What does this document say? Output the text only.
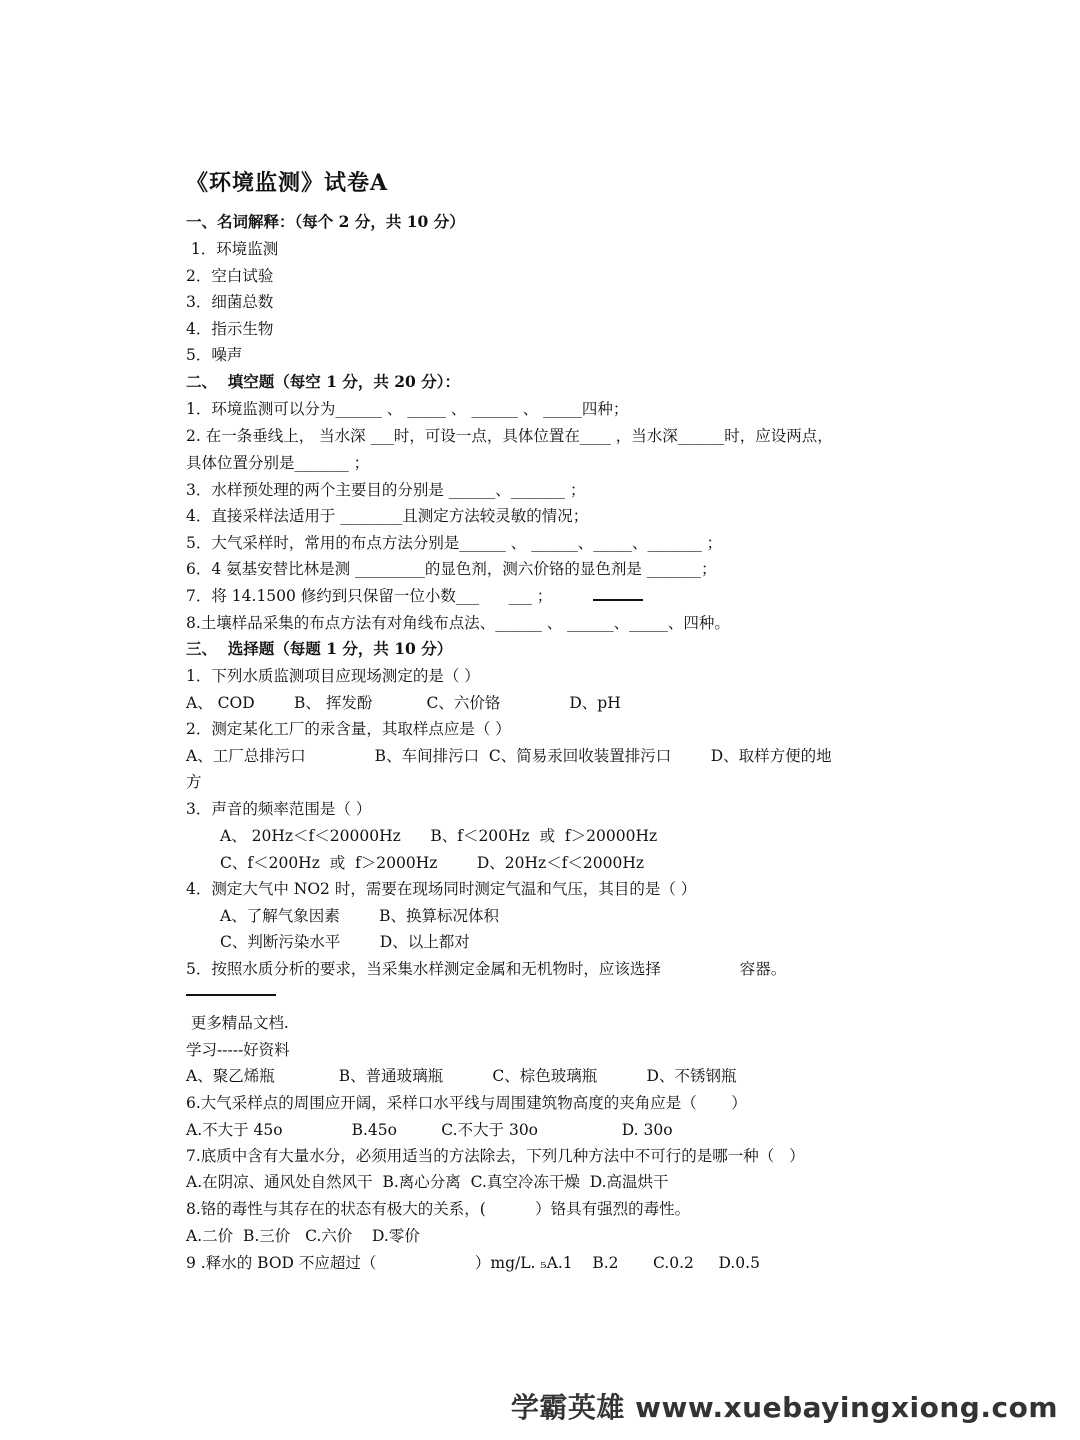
《环境监测》试卷A
一、名词解释：（每个 2 分，共 10 分）
1．环境监测
2．空白试验
3．细菌总数
4．指示生物
5．噪声
二、  填空题（每空 1 分，共 20 分）：
1．环境监测可以分为______ 、 _____ 、 ______ 、 _____四种；
2. 在一条垂线上， 当水深 ___时，可设一点，具体位置在____ ，当水深______时，应设两点，
具体位置分别是_______ ；
3．水样预处理的两个主要目的分别是 ______、_______ ；
4．直接采样法适用于 ________且测定方法较灵敏的情况；
5．大气采样时，常用的布点方法分别是______ 、 ______、_____、_______ ；
6．4 氨基安替比林是测 _________的显色剂，测六价铬的显色剂是 _______；
7．将 14.1500 修约到只保留一位小数___      ___ ；
8.土壤样品采集的布点方法有对角线布点法、______ 、 ______、_____、四种。
三、  选择题（每题 1 分，共 10 分）
1．下列水质监测项目应现场测定的是（ ）
A、 COD        B、 挥发酚           C、六价铬              D、pH
2．测定某化工厂的汞含量，其取样点应是（ ）
A、工厂总排污口              B、车间排污口  C、简易汞回收装置排污口        D、取样方便的地
方
3．声音的频率范围是（ ）
A、 20Hz＜f＜20000Hz      B、f＜200Hz  或  f＞20000Hz
C、f＜200Hz  或  f＞2000Hz        D、20Hz＜f＜2000Hz
4．测定大气中 NO2 时，需要在现场同时测定气温和气压，其目的是（ ）
A、了解气象因素        B、换算标况体积
C、判断污染水平        D、以上都对
5．按照水质分析的要求，当采集水样测定金属和无机物时，应该选择                容器。
更多精品文档.
学习-----好资料
A、聚乙烯瓶             B、普通玻璃瓶          C、棕色玻璃瓶          D、不锈钢瓶
6.大气采样点的周围应开阔，采样口水平线与周围建筑物高度的夹角应是（       ）
A.不大于 45o              B.45o         C.不大于 30o                 D. 30o
7.底质中含有大量水分，必须用适当的方法除去，下列几种方法中不可行的是哪一种（   ）
A.在阴凉、通风处自然风干  B.离心分离  C.真空冷冻干燥  D.高温烘干
8.铬的毒性与其存在的状态有极大的关系，(          ）铬具有强烈的毒性。
A.二价  B.三价   C.六价    D.零价
9 .释水的 BOD 不应超过（                    ）mg/L. ₅A.1    B.2       C.0.2     D.0.5
学霸英雄 www.xuebayingxiong.com
